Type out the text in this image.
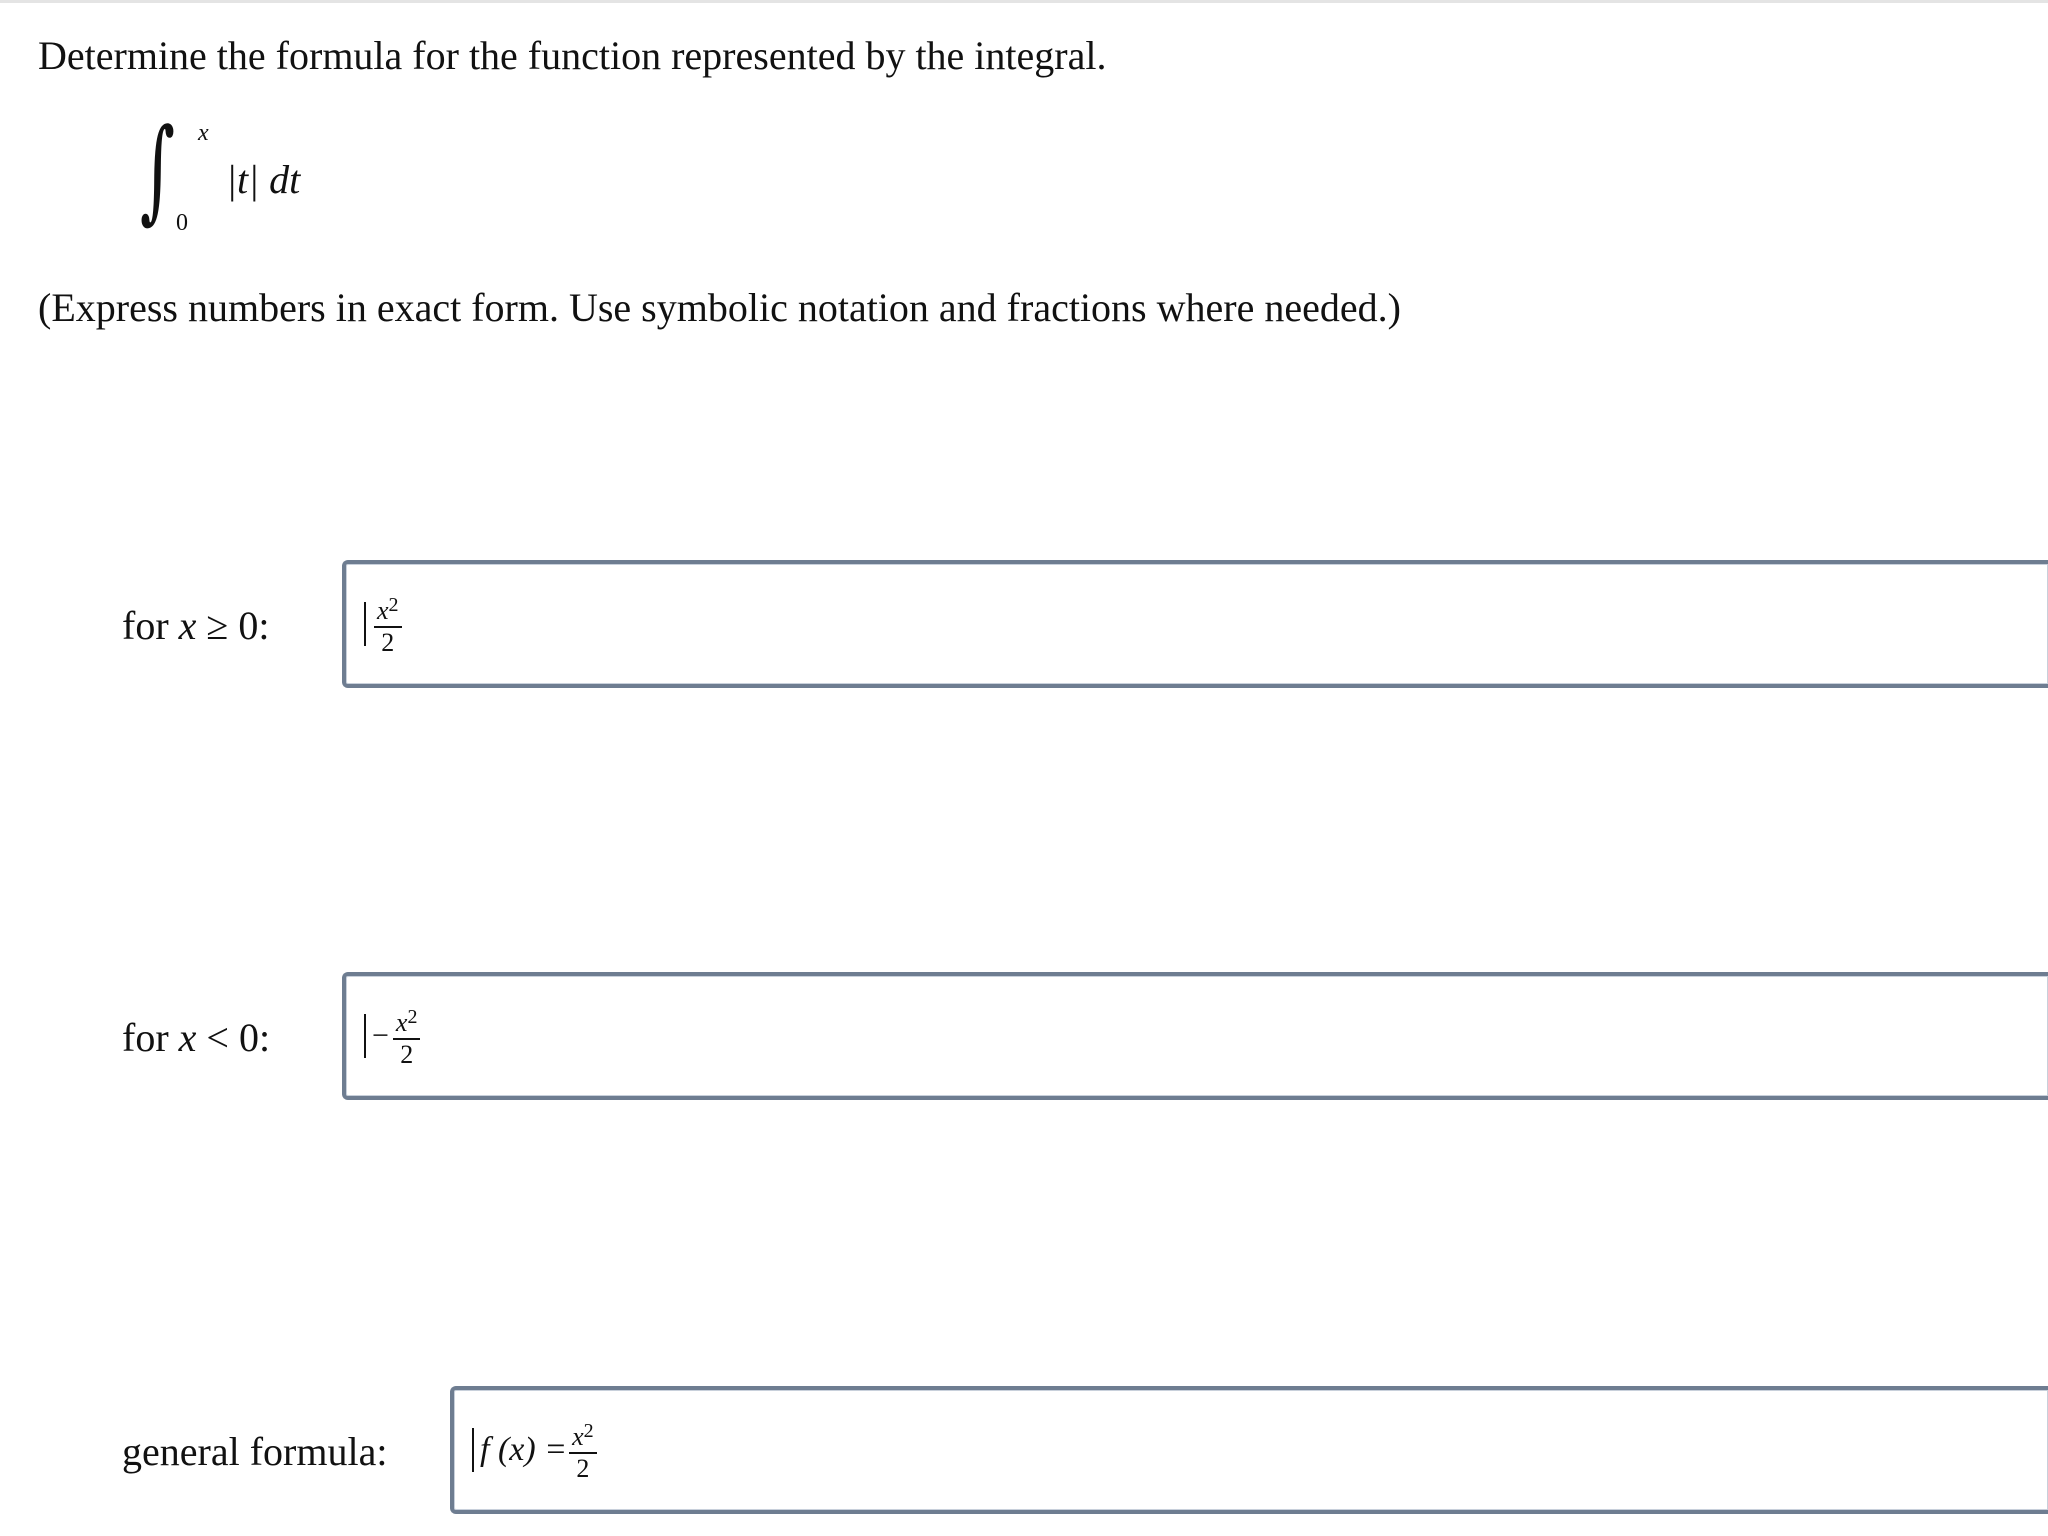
Determine the formula for the function represented by the integral.
∫ x
0
|t| dt
(Express numbers in exact form. Use symbolic notation and fractions where needed.)
for x ≥ 0:	$\frac{x^2}{2}$
for x < 0:	− $\frac{x^2}{2}$
general formula:	f $(x) = \frac{x^2}{2}$
